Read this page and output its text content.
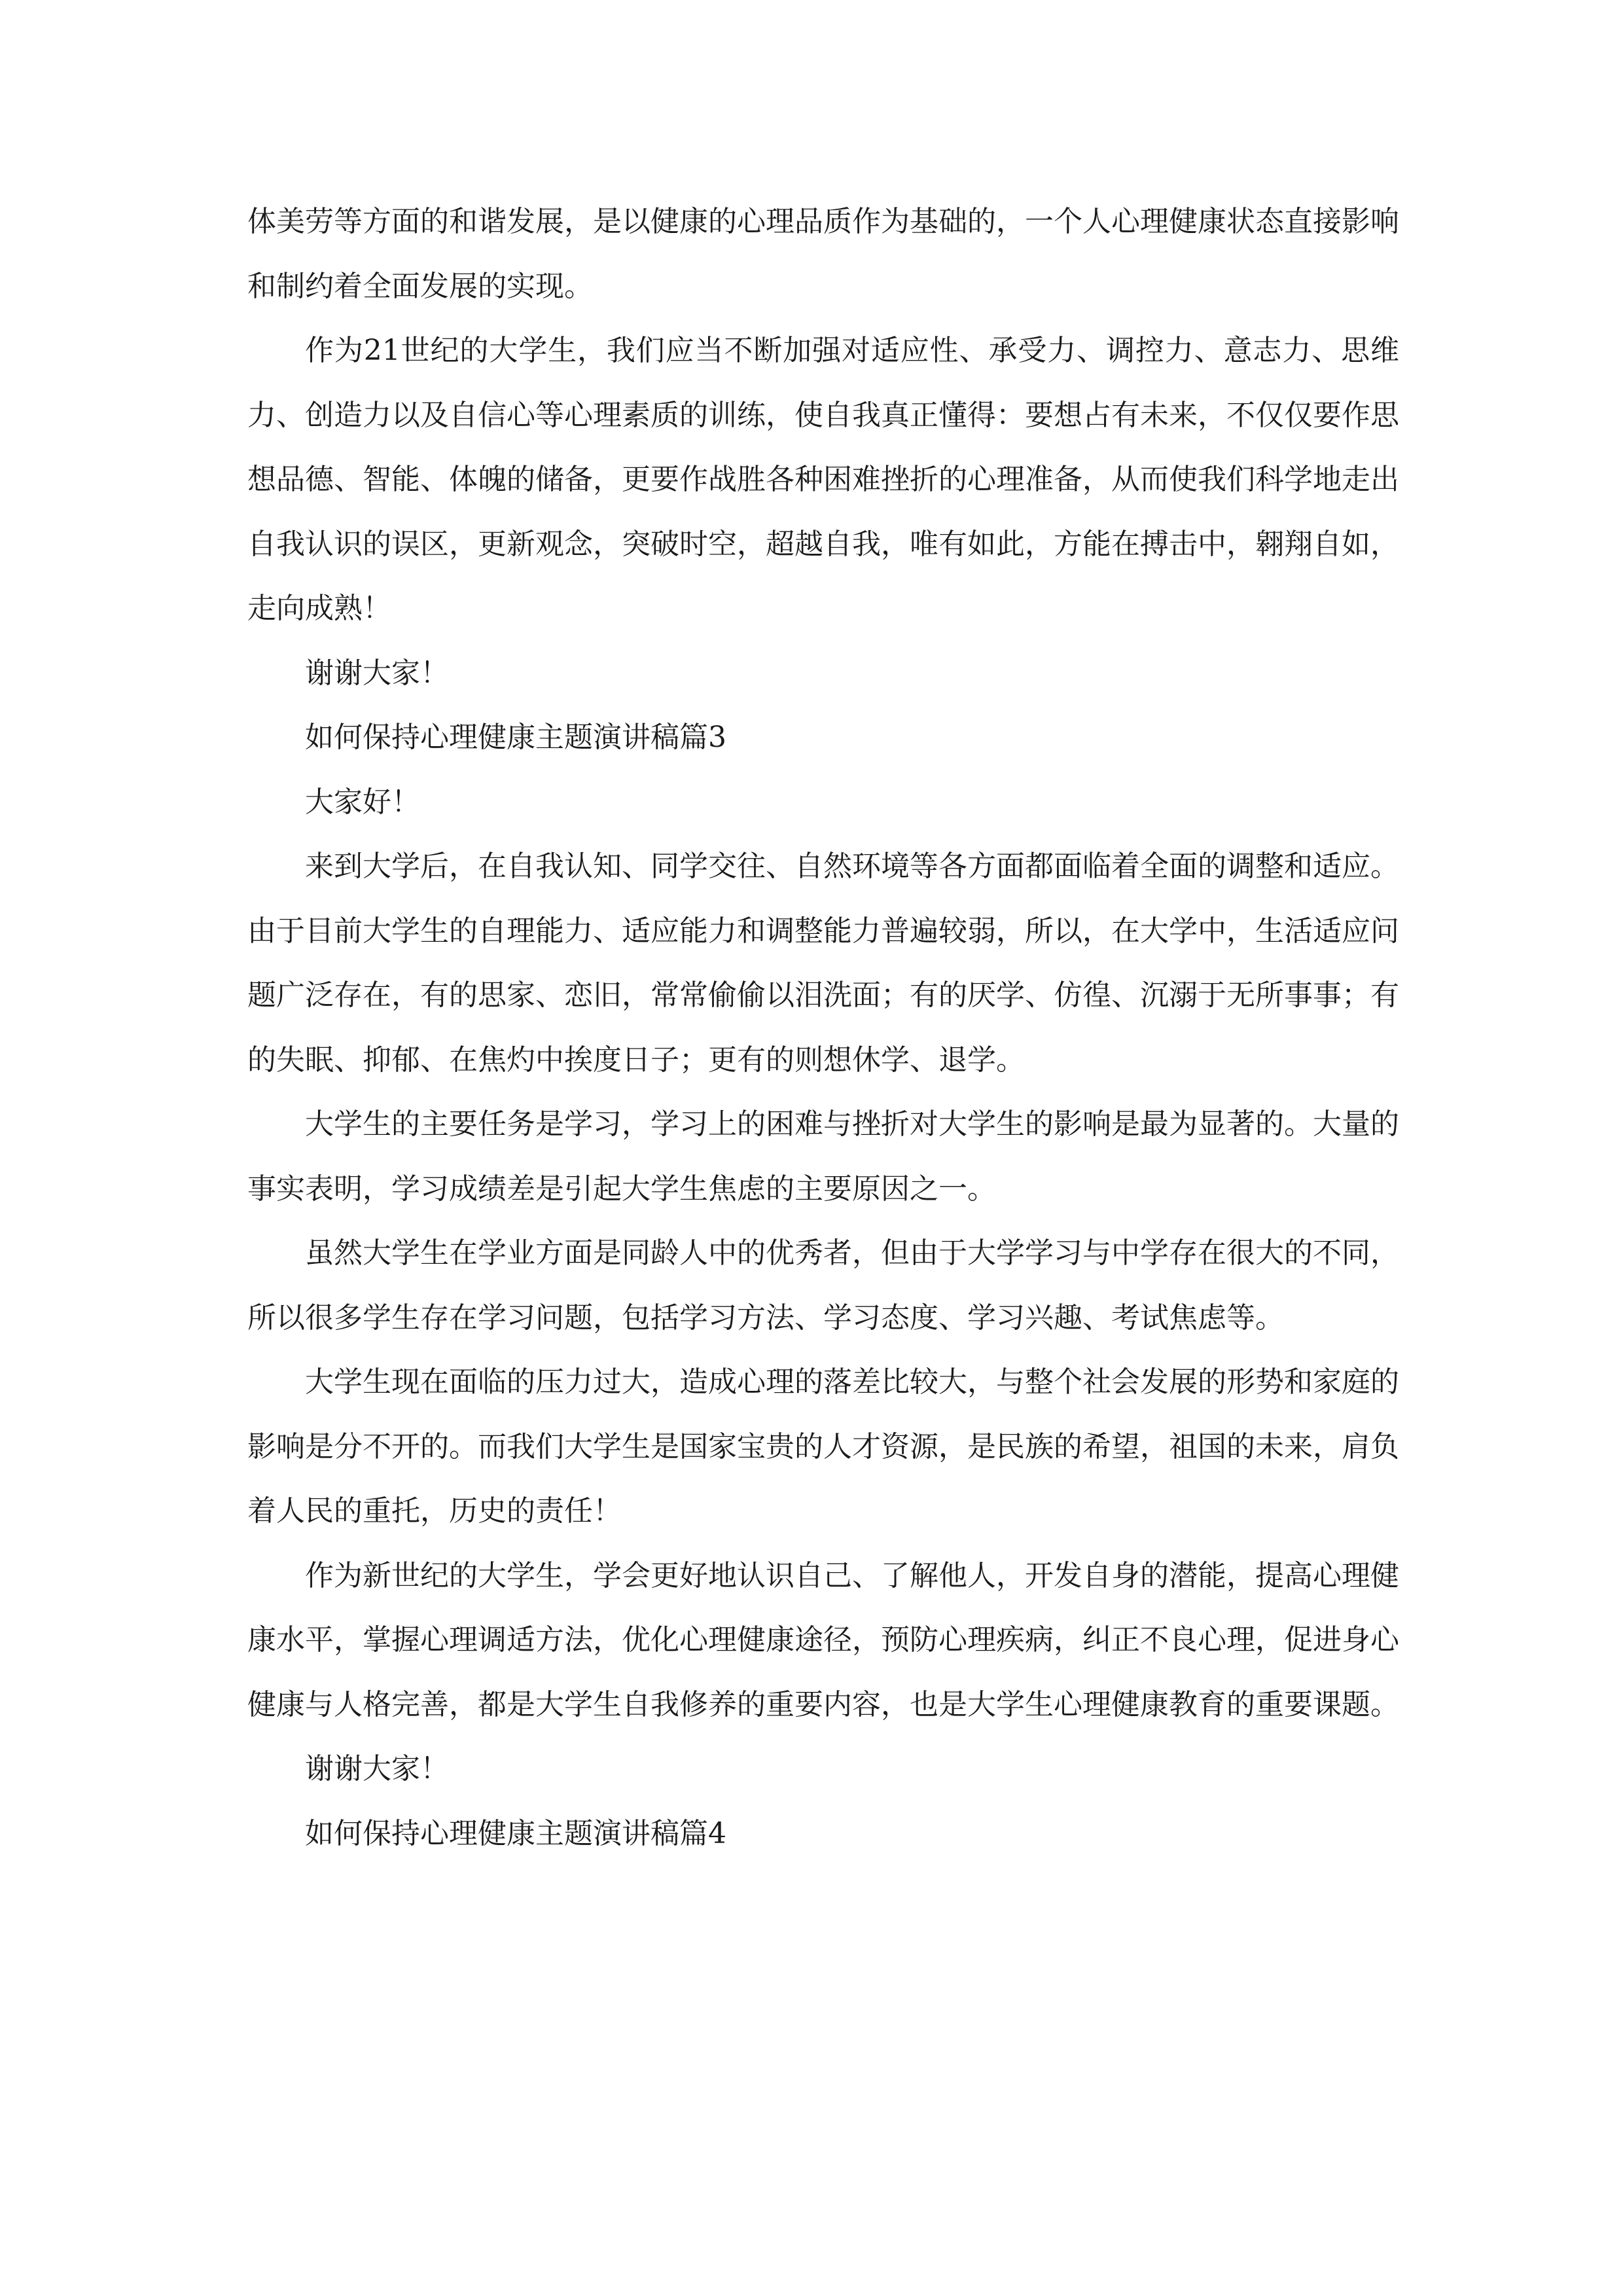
体美劳等方面的和谐发展，是以健康的心理品质作为基础的，一个人心理健康状态直接影响和制约着全面发展的实现。

作为21世纪的大学生，我们应当不断加强对适应性、承受力、调控力、意志力、思维力、创造力以及自信心等心理素质的训练，使自我真正懂得：要想占有未来，不仅仅要作思想品德、智能、体魄的储备，更要作战胜各种困难挫折的心理准备，从而使我们科学地走出自我认识的误区，更新观念，突破时空，超越自我，唯有如此，方能在搏击中，翱翔自如，走向成熟！

谢谢大家！

如何保持心理健康主题演讲稿篇3

大家好！

来到大学后，在自我认知、同学交往、自然环境等各方面都面临着全面的调整和适应。由于目前大学生的自理能力、适应能力和调整能力普遍较弱，所以，在大学中，生活适应问题广泛存在，有的思家、恋旧，常常偷偷以泪洗面；有的厌学、仿徨、沉溺于无所事事；有的失眠、抑郁、在焦灼中挨度日子；更有的则想休学、退学。

大学生的主要任务是学习，学习上的困难与挫折对大学生的影响是最为显著的。大量的事实表明，学习成绩差是引起大学生焦虑的主要原因之一。

虽然大学生在学业方面是同龄人中的优秀者，但由于大学学习与中学存在很大的不同，所以很多学生存在学习问题，包括学习方法、学习态度、学习兴趣、考试焦虑等。

大学生现在面临的压力过大，造成心理的落差比较大，与整个社会发展的形势和家庭的影响是分不开的。而我们大学生是国家宝贵的人才资源，是民族的希望，祖国的未来，肩负着人民的重托，历史的责任！

作为新世纪的大学生，学会更好地认识自己、了解他人，开发自身的潜能，提高心理健康水平，掌握心理调适方法，优化心理健康途径，预防心理疾病，纠正不良心理，促进身心健康与人格完善，都是大学生自我修养的重要内容，也是大学生心理健康教育的重要课题。

谢谢大家！

如何保持心理健康主题演讲稿篇4
